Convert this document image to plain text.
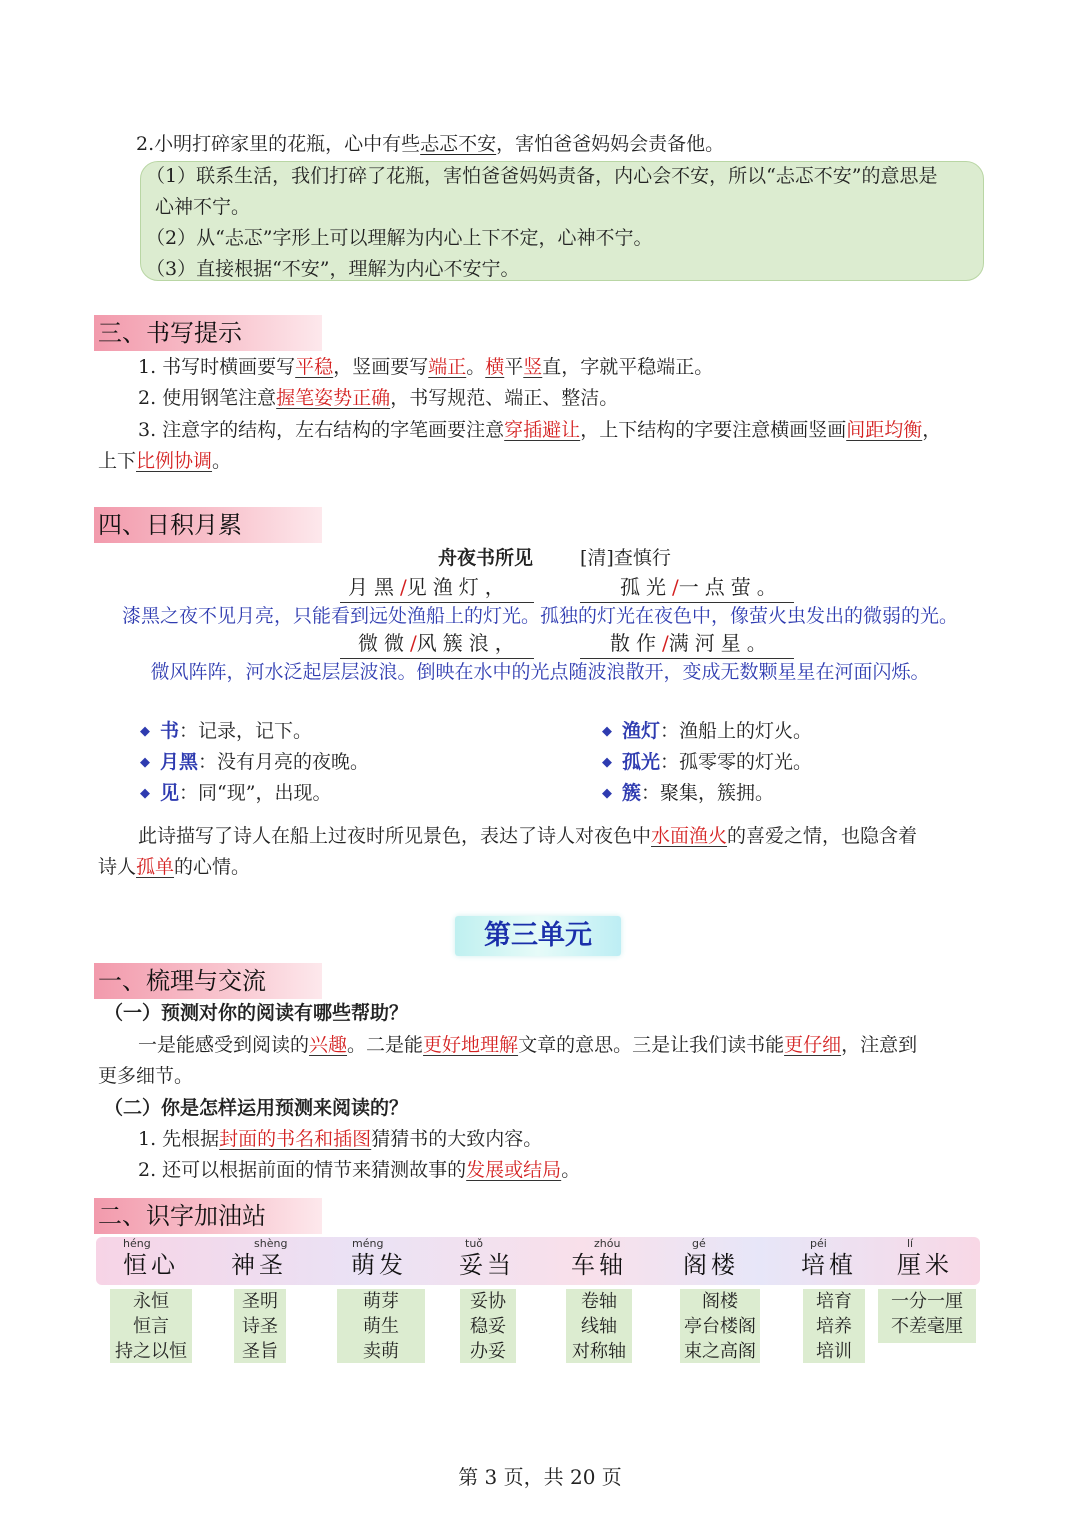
2.小明打碎家里的花瓶，心中有些忐忑不安，害怕爸爸妈妈会责备他。
（1）联系生活，我们打碎了花瓶，害怕爸爸妈妈责备，内心会不安，所以“忐忑不安”的意思是
心神不宁。
（2）从“忐忑”字形上可以理解为内心上下不定，心神不宁。
（3）直接根据“不安”，理解为内心不安宁。
三、书写提示
1. 书写时横画要写平稳，竖画要写端正。横平竖直，字就平稳端正。
2. 使用钢笔注意握笔姿势正确，书写规范、端正、整洁。
3. 注意字的结构，左右结构的字笔画要注意穿插避让，上下结构的字要注意横画竖画间距均衡，
上下比例协调。
四、日积月累
舟夜书所见 [清]查慎行
月黑/见渔灯，	孤光/一点萤。
漆黑之夜不见月亮，只能看到远处渔船上的灯光。孤独的灯光在夜色中，像萤火虫发出的微弱的光。
微微/风簇浪，	散作/满河星。
微风阵阵，河水泛起层层波浪。倒映在水中的光点随波浪散开，变成无数颗星星在河面闪烁。
◆ 书：记录，记下。
◆ 月黑：没有月亮的夜晚。
◆ 见：同“现”，出现。
◆ 渔灯：渔船上的灯火。
◆ 孤光：孤零零的灯光。
◆ 簇：聚集，簇拥。
此诗描写了诗人在船上过夜时所见景色，表达了诗人对夜色中水面渔火的喜爱之情，也隐含着
诗人孤单的心情。
第三单元
一、梳理与交流
（一）预测对你的阅读有哪些帮助？
一是能感受到阅读的兴趣。二是能更好地理解文章的意思。三是让我们读书能更仔细，注意到
更多细节。
（二）你是怎样运用预测来阅读的？
1. 先根据封面的书名和插图猜猜书的大致内容。
2. 还可以根据前面的情节来猜测故事的发展或结局。
二、识字加油站
héng
恒心
shèng
神圣
méng
萌发
tuǒ
妥当
zhóu
车轴
gé
阁楼
péi
培植
lí
厘米
永恒
恒言
持之以恒
圣明
诗圣
圣旨
萌芽
萌生
卖萌
妥协
稳妥
办妥
卷轴
线轴
对称轴
阁楼
亭台楼阁
束之高阁
培育
培养
培训
一分一厘
不差毫厘
第 3 页，共 20 页
